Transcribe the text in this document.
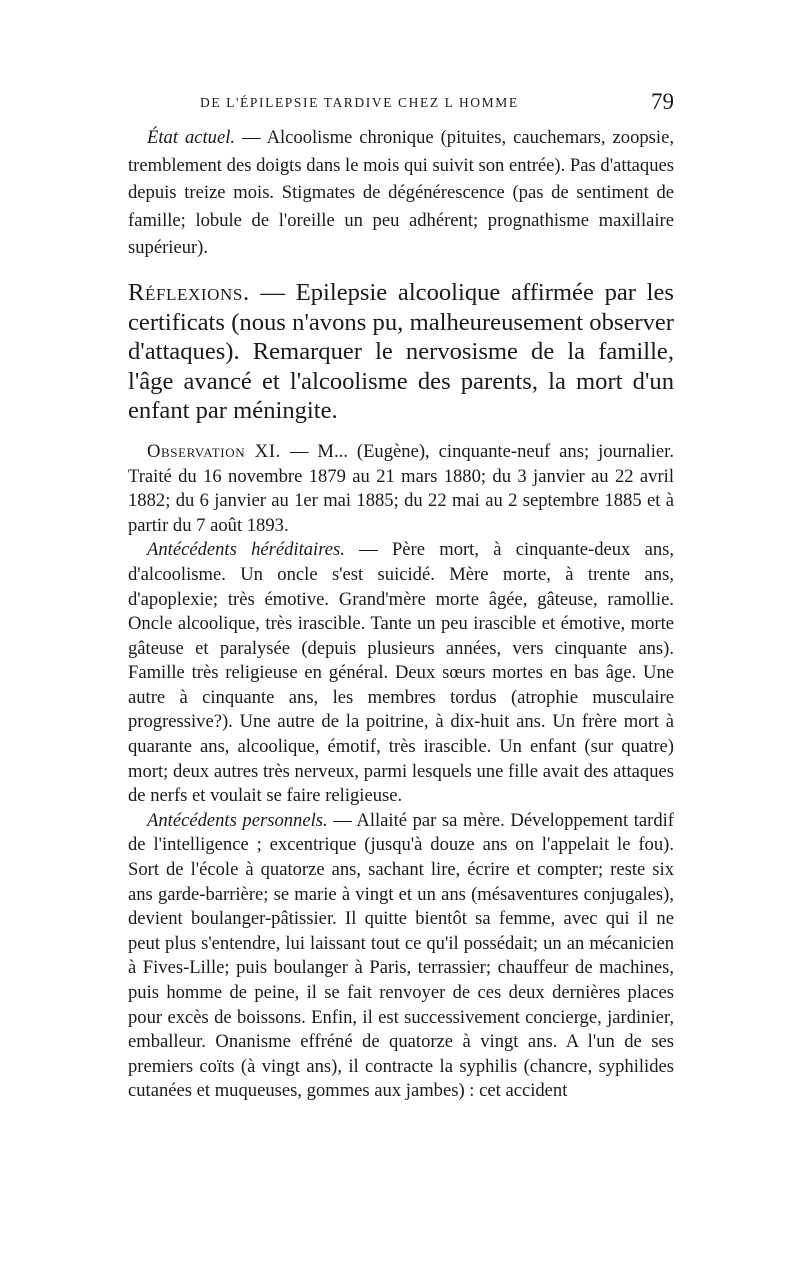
DE L'ÉPILEPSIE TARDIVE CHEZ L HOMME	79

État actuel. — Alcoolisme chronique (pituites, cauchemars, zoopsie, tremblement des doigts dans le mois qui suivit son entrée). Pas d'attaques depuis treize mois. Stigmates de dégénérescence (pas de sentiment de famille; lobule de l'oreille un peu adhérent; prognathisme maxillaire supérieur).

Réflexions. — Epilepsie alcoolique affirmée par les certificats (nous n'avons pu, malheureusement observer d'attaques). Remarquer le nervosisme de la famille, l'âge avancé et l'alcoolisme des parents, la mort d'un enfant par méningite.

Observation XI. — M... (Eugène), cinquante-neuf ans; journalier. Traité du 16 novembre 1879 au 21 mars 1880; du 3 janvier au 22 avril 1882; du 6 janvier au 1er mai 1885; du 22 mai au 2 septembre 1885 et à partir du 7 août 1893.

Antécédents héréditaires. — Père mort, à cinquante-deux ans, d'alcoolisme. Un oncle s'est suicidé. Mère morte, à trente ans, d'apoplexie; très émotive. Grand'mère morte âgée, gâteuse, ramollie. Oncle alcoolique, très irascible. Tante un peu irascible et émotive, morte gâteuse et paralysée (depuis plusieurs années, vers cinquante ans). Famille très religieuse en général. Deux sœurs mortes en bas âge. Une autre à cinquante ans, les membres tordus (atrophie musculaire progressive?). Une autre de la poitrine, à dix-huit ans. Un frère mort à quarante ans, alcoolique, émotif, très irascible. Un enfant (sur quatre) mort; deux autres très nerveux, parmi lesquels une fille avait des attaques de nerfs et voulait se faire religieuse.

Antécédents personnels. — Allaité par sa mère. Développement tardif de l'intelligence ; excentrique (jusqu'à douze ans on l'appelait le fou). Sort de l'école à quatorze ans, sachant lire, écrire et compter; reste six ans garde-barrière; se marie à vingt et un ans (mésaventures conjugales), devient boulanger-pâtissier. Il quitte bientôt sa femme, avec qui il ne peut plus s'entendre, lui laissant tout ce qu'il possédait; un an mécanicien à Fives-Lille; puis boulanger à Paris, terrassier; chauffeur de machines, puis homme de peine, il se fait renvoyer de ces deux dernières places pour excès de boissons. Enfin, il est successivement concierge, jardinier, emballeur. Onanisme effréné de quatorze à vingt ans. A l'un de ses premiers coïts (à vingt ans), il contracte la syphilis (chancre, syphilides cutanées et muqueuses, gommes aux jambes) : cet accident
